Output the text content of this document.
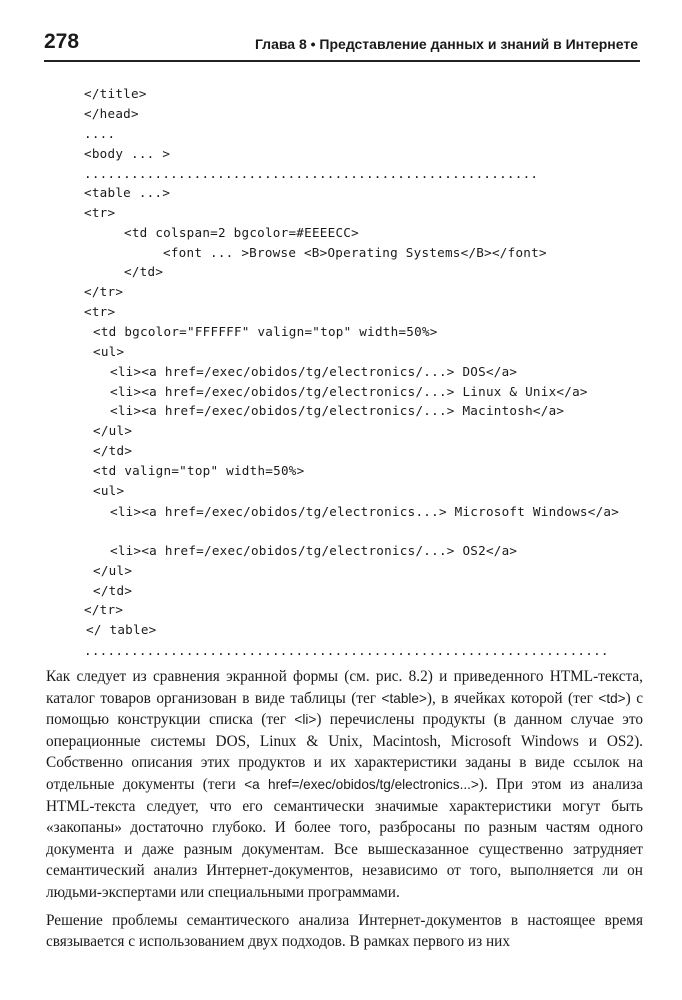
278	Глава 8 • Представление данных и знаний в Интернете
</title>
</head>
....
<body ... >
..........................................................
<table ...>
<tr>
<td colspan=2 bgcolor=#EEEECC>
<font ... >Browse <B>Operating Systems</B></font>
</td>
</tr>
<tr>
<td bgcolor="FFFFFF" valign="top" width=50%>
<ul>
<li><a href=/exec/obidos/tg/electronics/...> DOS</a>
<li><a href=/exec/obidos/tg/electronics/...> Linux & Unix</a>
<li><a href=/exec/obidos/tg/electronics/...> Macintosh</a>
</ul>
</td>
<td valign="top" width=50%>
<ul>
<li><a href=/exec/obidos/tg/electronics...> Microsoft Windows</a>
<li><a href=/exec/obidos/tg/electronics/...> OS2</a>
</ul>
</td>
</tr>
</ table>
...................................................................

Как следует из сравнения экранной формы (см. рис. 8.2) и приведенного HTML-текста, каталог товаров организован в виде таблицы (тег <table>), в ячейках которой (тег <td>) с помощью конструкции списка (тег <li>) перечислены продукты (в данном случае это операционные системы DOS, Linux & Unix, Macintosh, Microsoft Windows и OS2). Собственно описания этих продуктов и их характеристики заданы в виде ссылок на отдельные документы (теги <a href=/exec/obidos/tg/electronics...>). При этом из анализа HTML-текста следует, что его семантически значимые характеристики могут быть «закопаны» достаточно глубоко. И более того, разбросаны по разным частям одного документа и даже разным документам. Все вышесказанное существенно затрудняет семантический анализ Интернет-документов, независимо от того, выполняется ли он людьми-экспертами или специальными программами.

Решение проблемы семантического анализа Интернет-документов в настоящее время связывается с использованием двух подходов. В рамках первого из них
